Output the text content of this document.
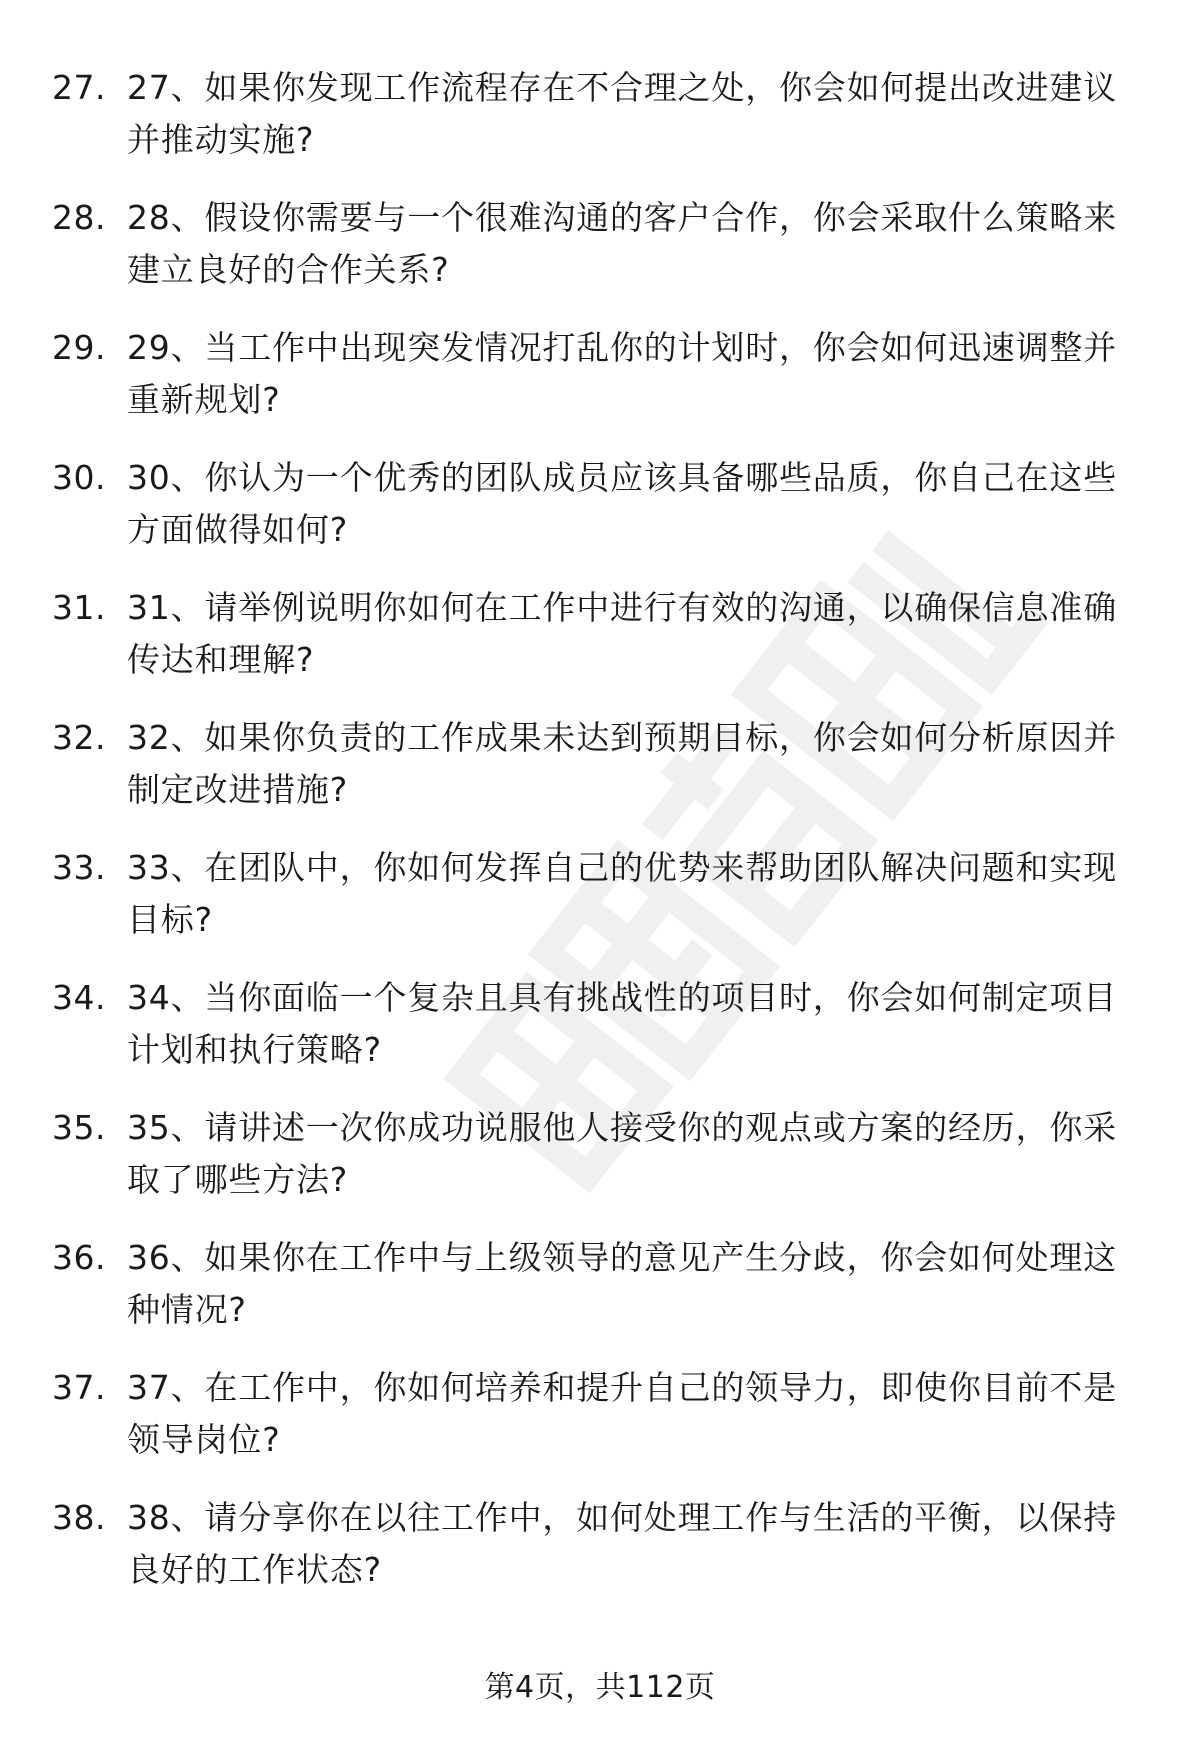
27. 27、如果你发现工作流程存在不合理之处，你会如何提出改进建议并推动实施?
28. 28、假设你需要与一个很难沟通的客户合作，你会采取什么策略来建立良好的合作关系?
29. 29、当工作中出现突发情况打乱你的计划时，你会如何迅速调整并重新规划?
30. 30、你认为一个优秀的团队成员应该具备哪些品质，你自己在这些方面做得如何?
31. 31、请举例说明你如何在工作中进行有效的沟通，以确保信息准确传达和理解?
32. 32、如果你负责的工作成果未达到预期目标，你会如何分析原因并制定改进措施?
33. 33、在团队中，你如何发挥自己的优势来帮助团队解决问题和实现目标?
34. 34、当你面临一个复杂且具有挑战性的项目时，你会如何制定项目计划和执行策略?
35. 35、请讲述一次你成功说服他人接受你的观点或方案的经历，你采取了哪些方法?
36. 36、如果你在工作中与上级领导的意见产生分歧，你会如何处理这种情况?
37. 37、在工作中，你如何培养和提升自己的领导力，即使你目前不是领导岗位?
38. 38、请分享你在以往工作中，如何处理工作与生活的平衡，以保持良好的工作状态?
第4页，共112页
